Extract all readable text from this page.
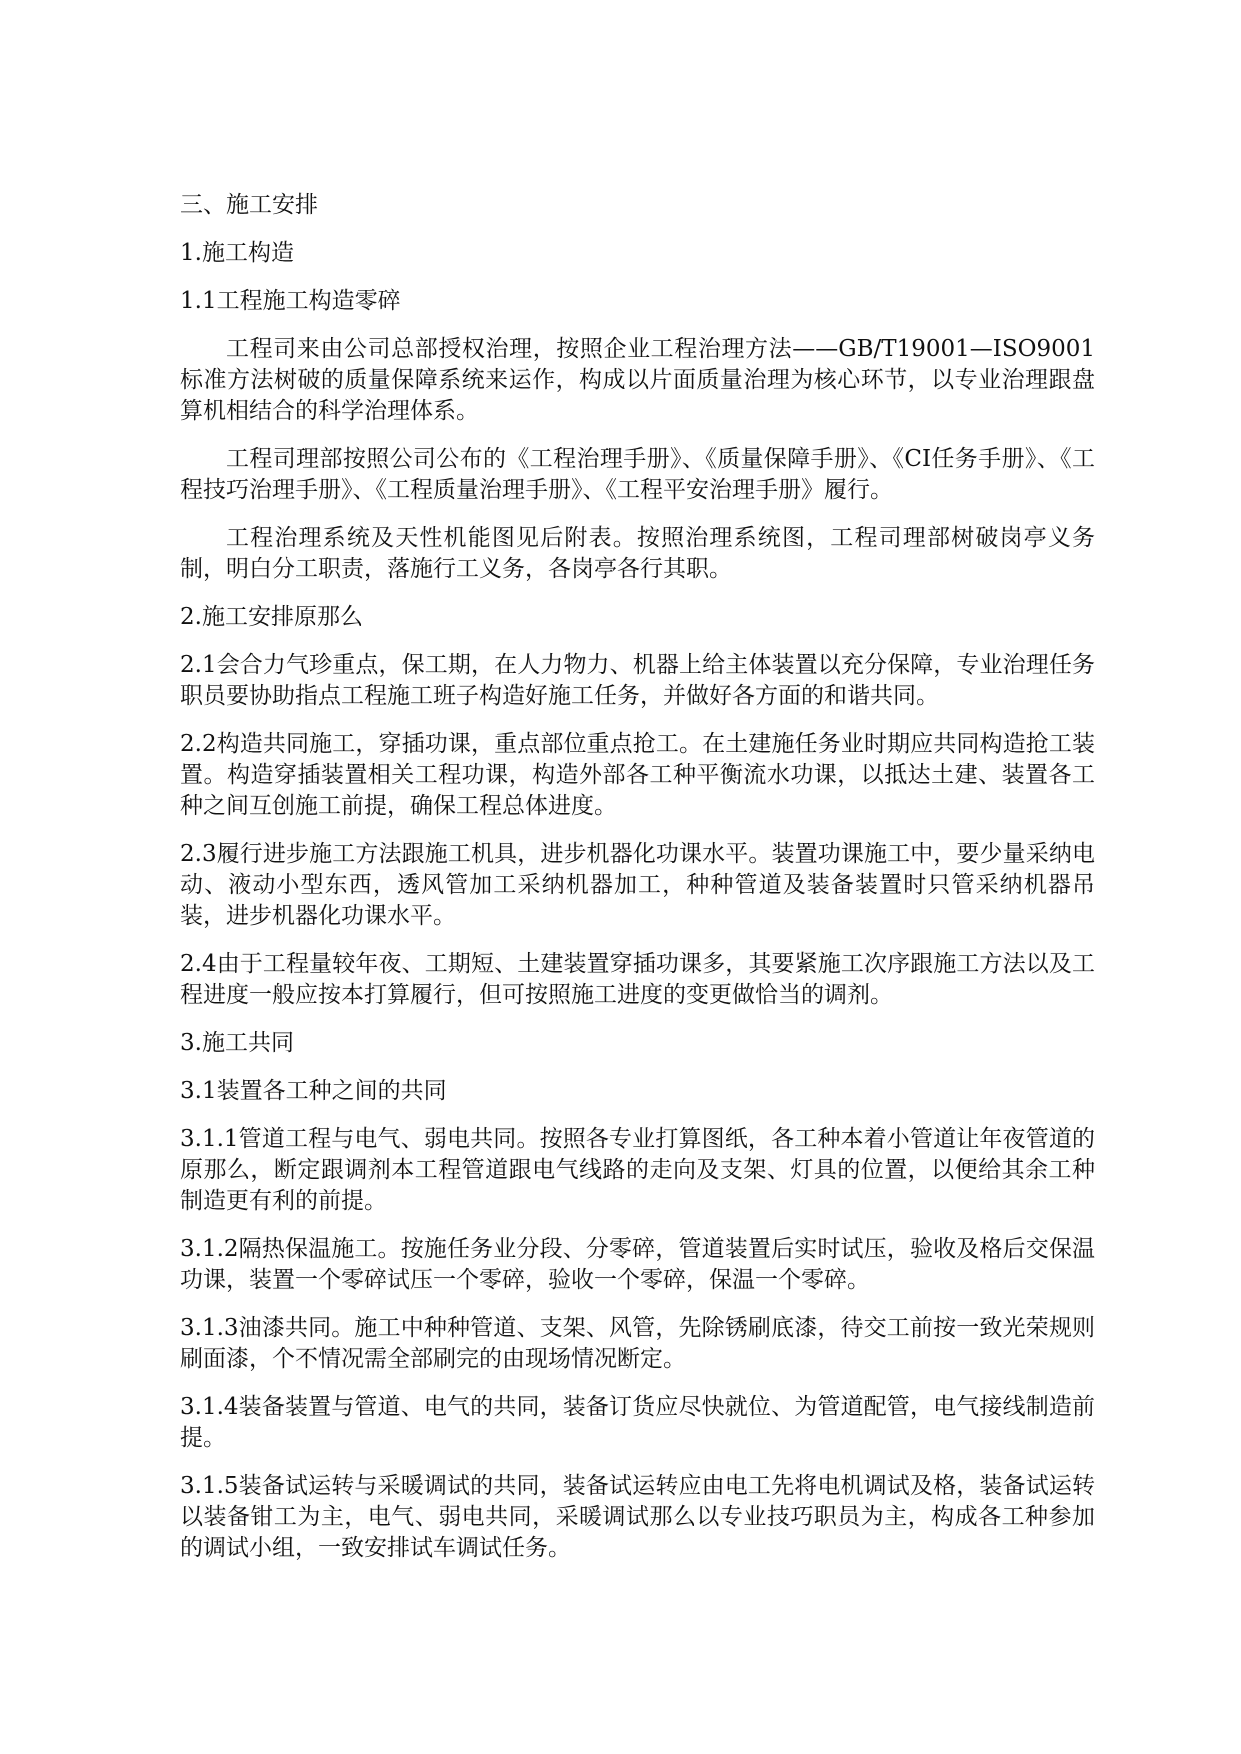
三、施工安排
1.施工构造
1.1工程施工构造零碎
工程司来由公司总部授权治理，按照企业工程治理方法——GB/T19001—ISO9001标准方法树破的质量保障系统来运作，构成以片面质量治理为核心环节，以专业治理跟盘算机相结合的科学治理体系。
工程司理部按照公司公布的《工程治理手册》、《质量保障手册》、《CI任务手册》、《工程技巧治理手册》、《工程质量治理手册》、《工程平安治理手册》履行。
工程治理系统及天性机能图见后附表。按照治理系统图，工程司理部树破岗亭义务制，明白分工职责，落施行工义务，各岗亭各行其职。
2.施工安排原那么
2.1会合力气珍重点，保工期，在人力物力、机器上给主体装置以充分保障，专业治理任务职员要协助指点工程施工班子构造好施工任务，并做好各方面的和谐共同。
2.2构造共同施工，穿插功课，重点部位重点抢工。在土建施任务业时期应共同构造抢工装置。构造穿插装置相关工程功课，构造外部各工种平衡流水功课，以抵达土建、装置各工种之间互创施工前提，确保工程总体进度。
2.3履行进步施工方法跟施工机具，进步机器化功课水平。装置功课施工中，要少量采纳电动、液动小型东西，透风管加工采纳机器加工，种种管道及装备装置时只管采纳机器吊装，进步机器化功课水平。
2.4由于工程量较年夜、工期短、土建装置穿插功课多，其要紧施工次序跟施工方法以及工程进度一般应按本打算履行，但可按照施工进度的变更做恰当的调剂。
3.施工共同
3.1装置各工种之间的共同
3.1.1管道工程与电气、弱电共同。按照各专业打算图纸，各工种本着小管道让年夜管道的原那么，断定跟调剂本工程管道跟电气线路的走向及支架、灯具的位置，以便给其余工种制造更有利的前提。
3.1.2隔热保温施工。按施任务业分段、分零碎，管道装置后实时试压，验收及格后交保温功课，装置一个零碎试压一个零碎，验收一个零碎，保温一个零碎。
3.1.3油漆共同。施工中种种管道、支架、风管，先除锈刷底漆，待交工前按一致光荣规则刷面漆，个不情况需全部刷完的由现场情况断定。
3.1.4装备装置与管道、电气的共同，装备订货应尽快就位、为管道配管，电气接线制造前提。
3.1.5装备试运转与采暖调试的共同，装备试运转应由电工先将电机调试及格，装备试运转以装备钳工为主，电气、弱电共同，采暖调试那么以专业技巧职员为主，构成各工种参加的调试小组，一致安排试车调试任务。
